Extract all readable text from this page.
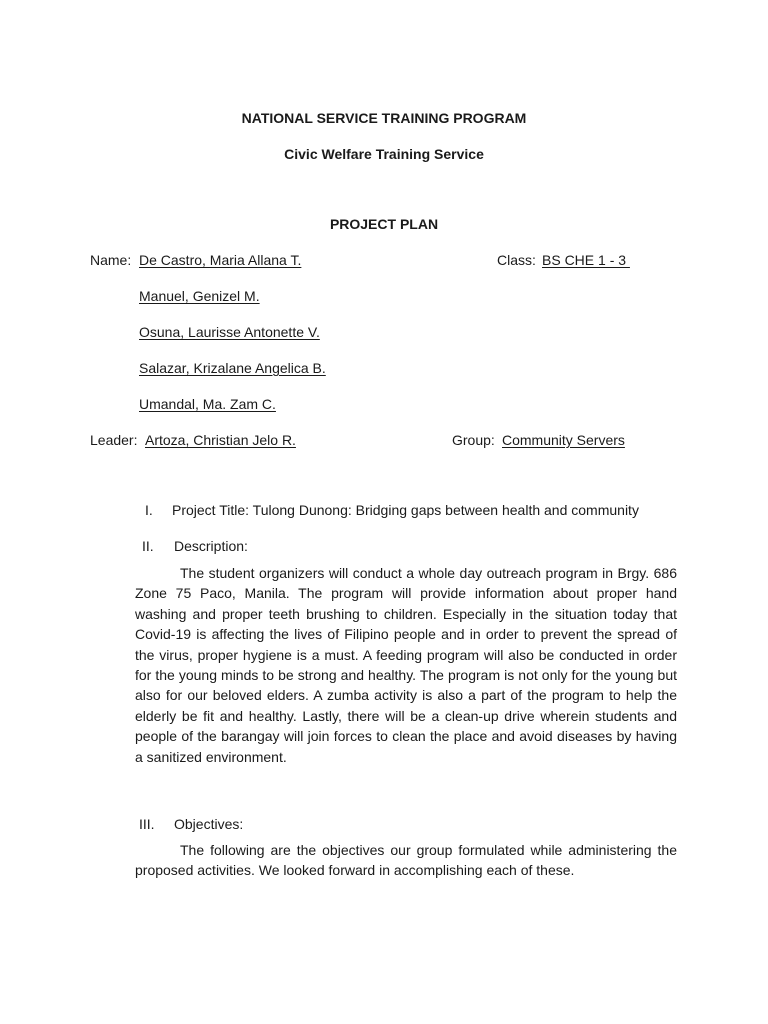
NATIONAL SERVICE TRAINING PROGRAM
Civic Welfare Training Service
PROJECT PLAN
Name: De Castro, Maria Allana T.	Class: BS CHE 1 - 3
Manuel, Genizel M.
Osuna, Laurisse Antonette V.
Salazar, Krizalane Angelica B.
Umandal, Ma. Zam C.
Leader: Artoza, Christian Jelo R.	Group: Community Servers
I. Project Title: Tulong Dunong: Bridging gaps between health and community
II. Description:

The student organizers will conduct a whole day outreach program in Brgy. 686 Zone 75 Paco, Manila. The program will provide information about proper hand washing and proper teeth brushing to children. Especially in the situation today that Covid-19 is affecting the lives of Filipino people and in order to prevent the spread of the virus, proper hygiene is a must. A feeding program will also be conducted in order for the young minds to be strong and healthy. The program is not only for the young but also for our beloved elders. A zumba activity is also a part of the program to help the elderly be fit and healthy. Lastly, there will be a clean-up drive wherein students and people of the barangay will join forces to clean the place and avoid diseases by having a sanitized environment.

III. Objectives:

The following are the objectives our group formulated while administering the proposed activities. We looked forward in accomplishing each of these.
